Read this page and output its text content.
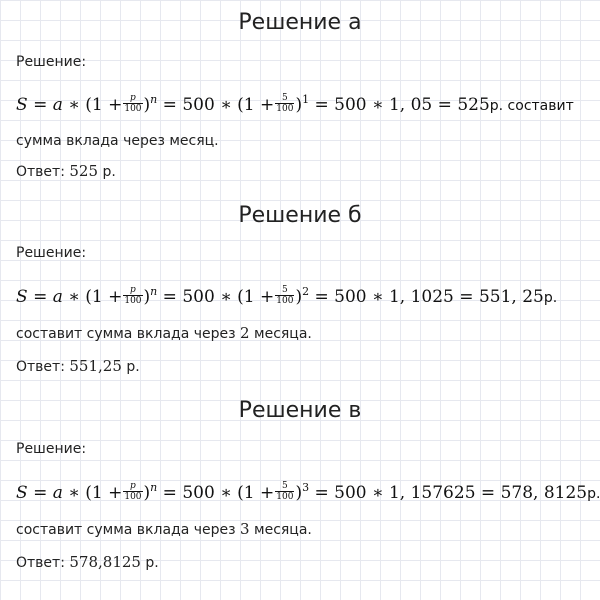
Решение а
Решение:
S = a ∗ $(1 + \frac{p}{100} )^n = 500$ ∗ $(1 + \frac{5}{100} )^1 = 500$ ∗ 1, 05 = 525р. составит
сумма вклада через месяц.
Ответ: 525 р.
Решение б
Решение:
S = a ∗ $(1 + \frac{p}{100} )^n = 500$ ∗ $(1 + \frac{5}{100} )^2 = 500$ ∗ 1, 1025 = 551, 25р.
составит сумма вклада через 2 месяца.
Ответ: 551,25 р.
Решение в
Решение:
S = a ∗ $(1 + \frac{p}{100} )^n = 500$ ∗ $(1 + \frac{5}{100} )^3 = 500$ ∗ 1, 157625 = 578, 8125р.
составит сумма вклада через 3 месяца.
Ответ: 578,8125 р.
